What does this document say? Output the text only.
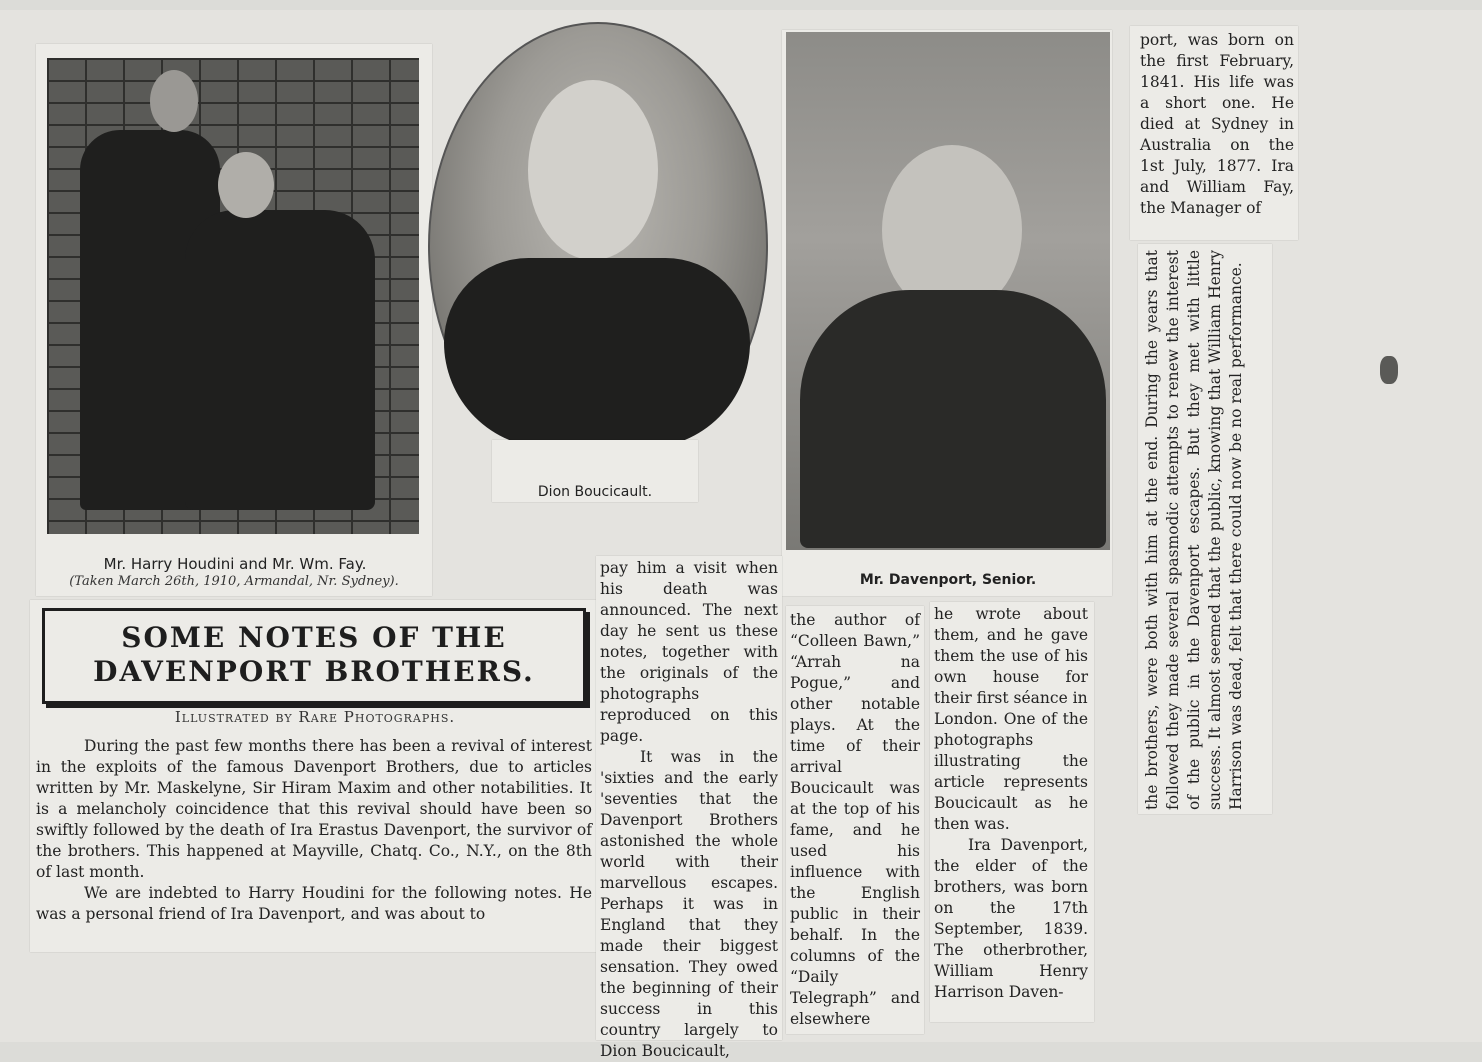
Mr. Harry Houdini and Mr. Wm. Fay.
(Taken March 26th, 1910, Armandal, Nr. Sydney).
Dion Boucicault.
Mr. Davenport, Senior.
SOME NOTES OF THE
DAVENPORT BROTHERS.
Illustrated by Rare Photographs.
During the past few months there has been a revival of interest in the exploits of the famous Davenport Brothers, due to articles written by Mr. Maskelyne, Sir Hiram Maxim and other notabilities. It is a melancholy coincidence that this revival should have been so swiftly followed by the death of Ira Erastus Davenport, the survivor of the brothers. This happened at Mayville, Chatq. Co., N.Y., on the 8th of last month.
We are indebted to Harry Houdini for the following notes. He was a personal friend of Ira Davenport, and was about to
pay him a visit when his death was announced. The next day he sent us these notes, together with the originals of the photographs reproduced on this page.
It was in the 'sixties and the early 'seventies that the Davenport Brothers astonished the whole world with their marvellous escapes. Perhaps it was in England that they made their biggest sensation. They owed the beginning of their success in this country largely to Dion Boucicault,
the author of “Colleen Bawn,” “Arrah na Pogue,” and other notable plays. At the time of their arrival Boucicault was at the top of his fame, and he used his influence with the English public in their behalf. In the columns of the “Daily Telegraph” and elsewhere
he wrote about them, and he gave them the use of his own house for their first séance in
London. One of the photographs illustrating the article represents Boucicault as he then was.
Ira Davenport, the elder of the brothers, was born on the 17th September, 1839. The otherbrother, William Henry Harrison Daven-
port, was born on the first February, 1841. His life was a short one. He died at Sydney in Australia on the 1st July, 1877. Ira and William Fay, the Manager of
the brothers, were both with him at the end. During the years that followed they made several spasmodic attempts to renew the interest of the public in the Davenport escapes. But they met with little success. It almost seemed that the public, knowing that William Henry Harrison was dead, felt that there could now be no real performance.
